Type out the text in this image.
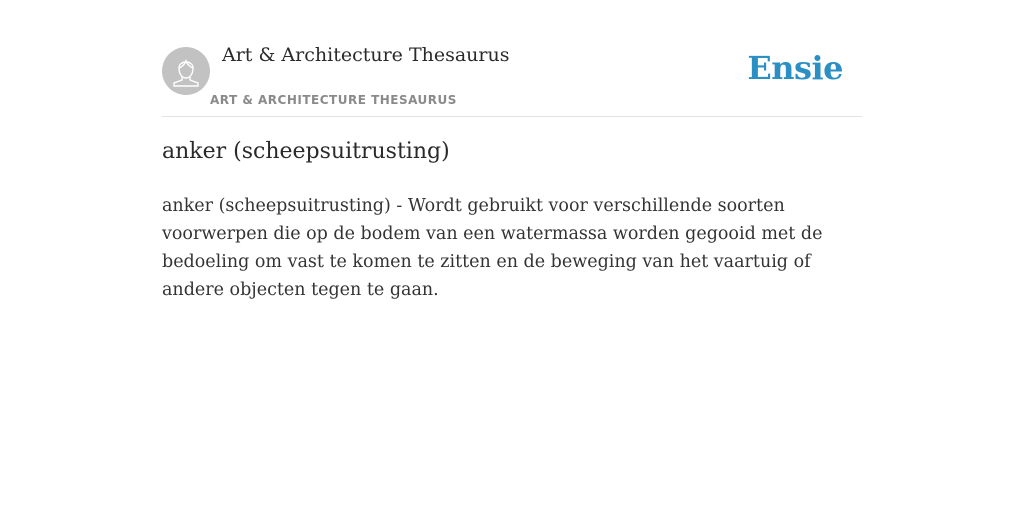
Art & Architecture Thesaurus
ART & ARCHITECTURE THESAURUS
Ensie
anker (scheepsuitrusting)

anker (scheepsuitrusting) - Wordt gebruikt voor verschillende soorten voorwerpen die op de bodem van een watermassa worden gegooid met de bedoeling om vast te komen te zitten en de beweging van het vaartuig of andere objecten tegen te gaan.
